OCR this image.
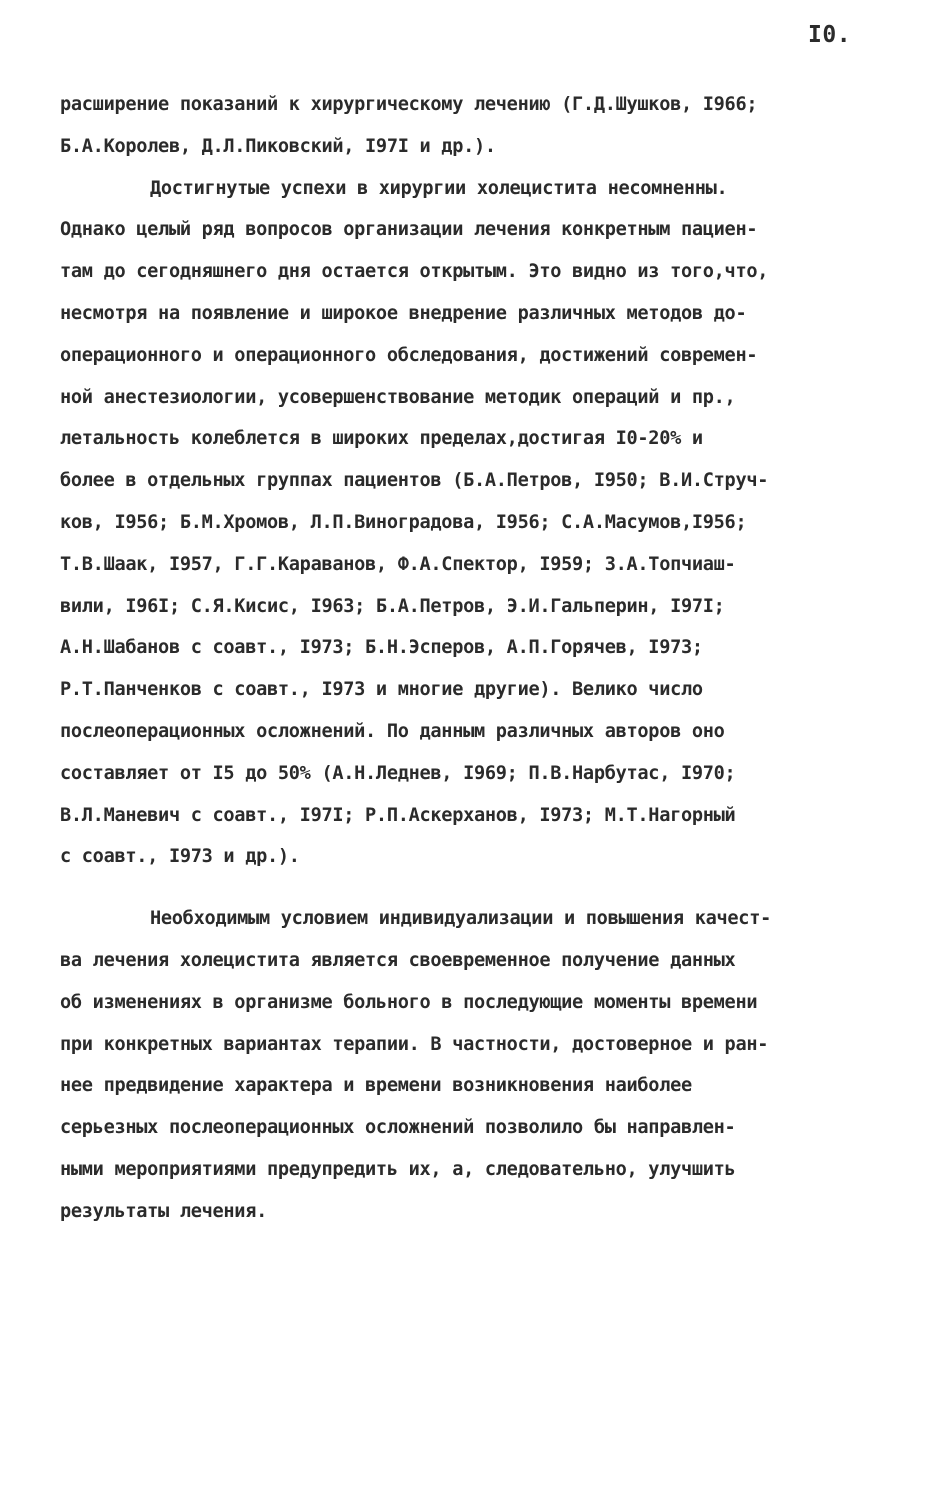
I0.
расширение показаний к хирургическому лечению (Г.Д.Шушков, I966;
Б.А.Королев, Д.Л.Пиковский, I97I и др.).
Достигнутые успехи в хирургии холецистита несомненны.
Однако целый ряд вопросов организации лечения конкретным пациен-
там до сегодняшнего дня остается открытым. Это видно из того,что,
несмотря на появление и широкое внедрение различных методов до-
операционного и операционного обследования, достижений современ-
ной анестезиологии, усовершенствование методик операций и пр.,
летальность колеблется в широких пределах,достигая I0-20% и
более в отдельных группах пациентов (Б.А.Петров, I950; В.И.Струч-
ков, I956; Б.М.Хромов, Л.П.Виноградова, I956; С.А.Масумов,I956;
Т.В.Шаак, I957, Г.Г.Караванов, Ф.А.Спектор, I959; З.А.Топчиаш-
вили, I96I; С.Я.Кисис, I963; Б.А.Петров, Э.И.Гальперин, I97I;
А.Н.Шабанов с соавт., I973; Б.Н.Эсперов, А.П.Горячев, I973;
Р.Т.Панченков с соавт., I973 и многие другие). Велико число
послеоперационных осложнений. По данным различных авторов оно
составляет от I5 до 50% (А.Н.Леднев, I969; П.В.Нарбутас, I970;
В.Л.Маневич с соавт., I97I; Р.П.Аскерханов, I973; М.Т.Нагорный
с соавт., I973 и др.).
Необходимым условием индивидуализации и повышения качест-
ва лечения холецистита является своевременное получение данных
об изменениях в организме больного в последующие моменты времени
при конкретных вариантах терапии. В частности, достоверное и ран-
нее предвидение характера и времени возникновения наиболее
серьезных послеоперационных осложнений позволило бы направлен-
ными мероприятиями предупредить их, а, следовательно, улучшить
результаты лечения.
